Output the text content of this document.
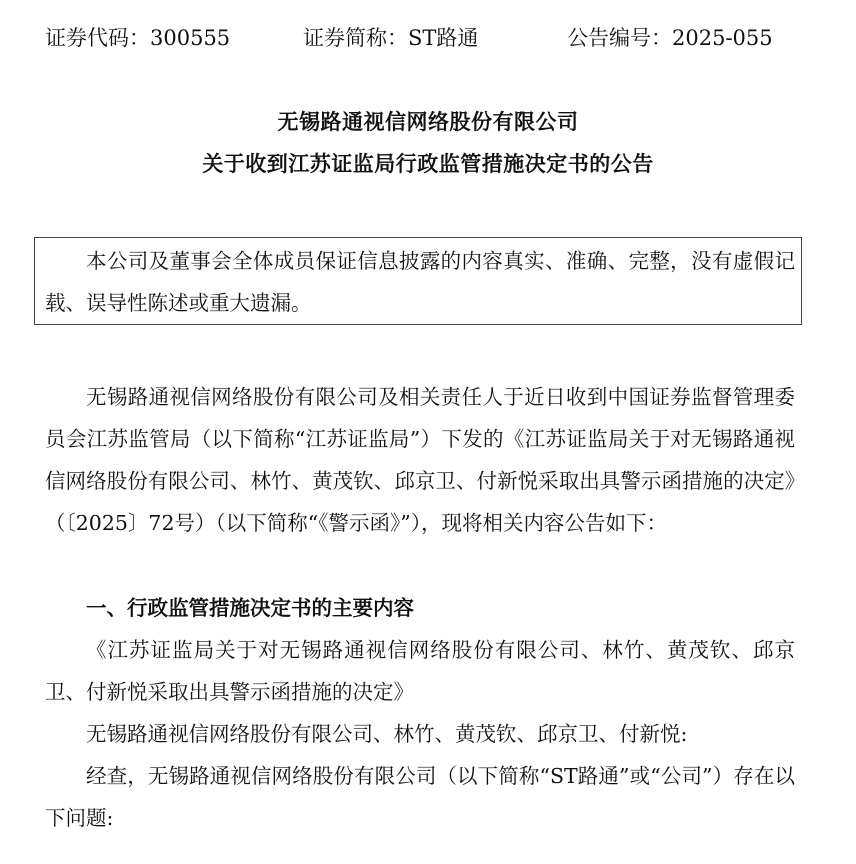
证券代码：300555	证券简称：ST路通	公告编号：2025-055
无锡路通视信网络股份有限公司
关于收到江苏证监局行政监管措施决定书的公告
本公司及董事会全体成员保证信息披露的内容真实、准确、完整，没有虚假记载、误导性陈述或重大遗漏。
无锡路通视信网络股份有限公司及相关责任人于近日收到中国证券监督管理委员会江苏监管局（以下简称“江苏证监局”）下发的《江苏证监局关于对无锡路通视信网络股份有限公司、林竹、黄茂钦、邱京卫、付新悦采取出具警示函措施的决定》（〔2025〕72号）（以下简称“《警示函》”），现将相关内容公告如下：
一、行政监管措施决定书的主要内容
《江苏证监局关于对无锡路通视信网络股份有限公司、林竹、黄茂钦、邱京卫、付新悦采取出具警示函措施的决定》
无锡路通视信网络股份有限公司、林竹、黄茂钦、邱京卫、付新悦:
经查，无锡路通视信网络股份有限公司（以下简称“ST路通”或“公司”）存在以下问题:
